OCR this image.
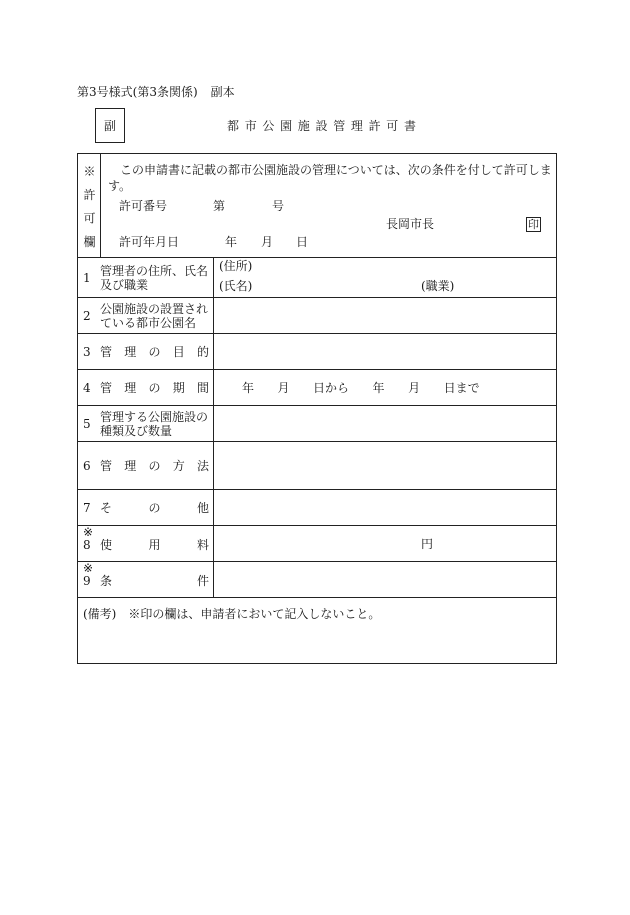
第3号様式(第3条関係) 副本
副	都市公園施設管理許可書
※許可欄	この申請書に記載の都市公園施設の管理については、次の条件を付して許可します。

許可番号	第	号
長岡市長	印
許可年月日	年 月 日
1 管理者の住所、氏名及び職業
(住所)
(氏名)	(職業)
2 公園施設の設置されている都市公園名
3 管理の目的
4 管理の期間	年 月 日から 年 月 日まで
5 管理する公園施設の種類及び数量
6 管理の方法
7 その他
※
8 使用料	円
※
9 条件
(備考) ※印の欄は、申請者において記入しないこと。
